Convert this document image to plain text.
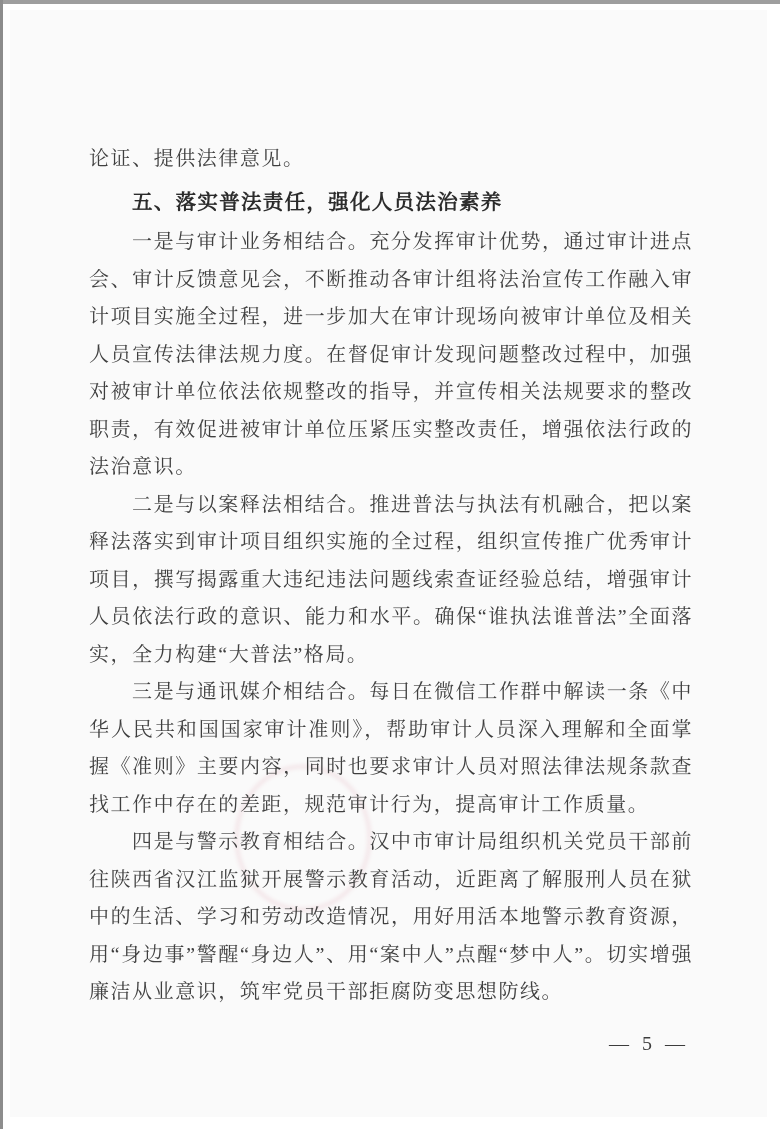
论证、提供法律意见。

五、落实普法责任，强化人员法治素养

一是与审计业务相结合。充分发挥审计优势，通过审计进点会、审计反馈意见会，不断推动各审计组将法治宣传工作融入审计项目实施全过程，进一步加大在审计现场向被审计单位及相关人员宣传法律法规力度。在督促审计发现问题整改过程中，加强对被审计单位依法依规整改的指导，并宣传相关法规要求的整改职责，有效促进被审计单位压紧压实整改责任，增强依法行政的法治意识。

二是与以案释法相结合。推进普法与执法有机融合，把以案释法落实到审计项目组织实施的全过程，组织宣传推广优秀审计项目，撰写揭露重大违纪违法问题线索查证经验总结，增强审计人员依法行政的意识、能力和水平。确保“谁执法谁普法”全面落实，全力构建“大普法”格局。

三是与通讯媒介相结合。每日在微信工作群中解读一条《中华人民共和国国家审计准则》，帮助审计人员深入理解和全面掌握《准则》主要内容，同时也要求审计人员对照法律法规条款查找工作中存在的差距，规范审计行为，提高审计工作质量。

四是与警示教育相结合。汉中市审计局组织机关党员干部前往陕西省汉江监狱开展警示教育活动，近距离了解服刑人员在狱中的生活、学习和劳动改造情况，用好用活本地警示教育资源，用“身边事”警醒“身边人”、用“案中人”点醒“梦中人”。切实增强廉洁从业意识，筑牢党员干部拒腐防变思想防线。

— 5 —
